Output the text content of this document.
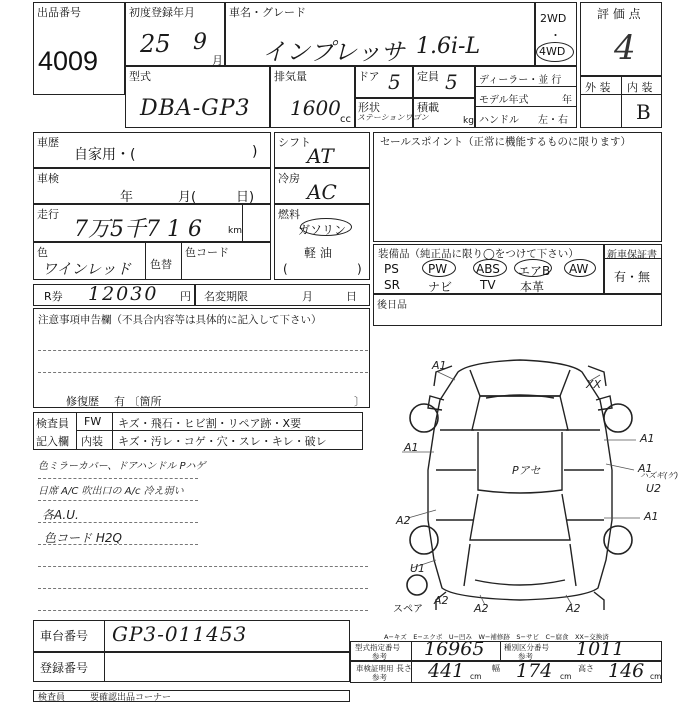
出品番号
4009
初度登録年月
25 9
月
車名・グレード
インプレッサ 1.6i-L
2WD
・
4WD
評 価 点
4
外 装 内 装
B
型式
DBA-GP3
排気量
1600 cc
ドア 5 定員 5
形状
ステーションワゴン
積載
kg
ディーラー・並 行
モデル年式	年
ハンドル 左・右
車歴
自家用・(	)
車検
年	月(	日)
走行
7万5千7 1 6	km
色
ワインレッド 色替
色コード
シフト
AT
冷房
AC
燃料
ガソリン
軽 油
(	)
セールスポイント（正常に機能するものに限ります）
装備品（純正品に限り◯をつけて下さい）
PS PW ABS エアB AW
SR ナビ TV 本革
新車保証書
有・無
R券 12030 円 名変期限	月	日
後日品
注意事項申告欄（不具合内容等は具体的に記入して下さい）
修復歴 有 〔箇所	〕
検査員
記入欄
FW キズ・飛石・ヒビ割・リペア跡・X要
内装 キズ・汚レ・コゲ・穴・スレ・キレ・破レ
色ミラーカバー、ドアハンドル Pハゲ
日席 A/C 吹出口の A/c 冷え弱い
各A.U.
色コード H2Q
A1
XX
A1
A1
A1
A1
U2
A2
U1
A2
A2	A2
Pアセ	ハズギ(ゲ)
スペア
A−キズ　E−エクボ　U−凹み　W−補修跡　S−サビ　C−腐食　XX−交換済
車台番号 GP3-011453
登録番号
型式指定番号
参考 16965	種別区分番号
参考 1011
車検証明用
参考
長さ 441 cm
幅 174 cm
高さ 146 cm
検査員	要確認出品コーナー
